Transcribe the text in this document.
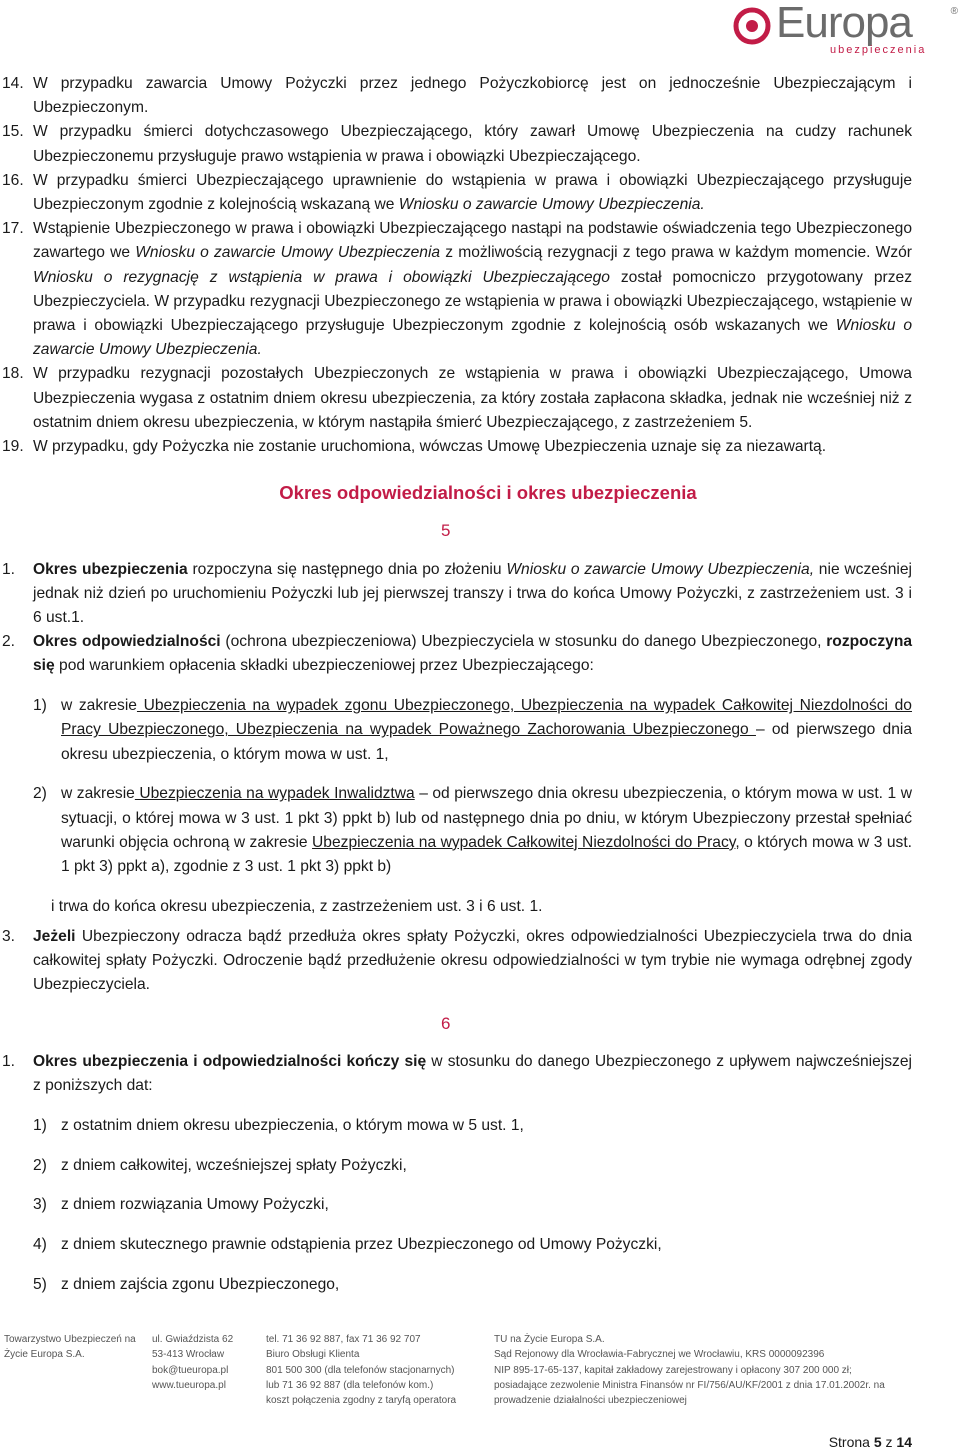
Europa
ubezpieczenia
®

14. W przypadku zawarcia Umowy Pożyczki przez jednego Pożyczkobiorcę jest on jednocześnie Ubezpieczającym i Ubezpieczonym.

15. W przypadku śmierci dotychczasowego Ubezpieczającego, który zawarł Umowę Ubezpieczenia na cudzy rachunek Ubezpieczonemu przysługuje prawo wstąpienia w prawa i obowiązki Ubezpieczającego.

16. W przypadku śmierci Ubezpieczającego uprawnienie do wstąpienia w prawa i obowiązki Ubezpieczającego przysługuje Ubezpieczonym zgodnie z kolejnością wskazaną we Wniosku o zawarcie Umowy Ubezpieczenia.

17. Wstąpienie Ubezpieczonego w prawa i obowiązki Ubezpieczającego nastąpi na podstawie oświadczenia tego Ubezpieczonego zawartego we Wniosku o zawarcie Umowy Ubezpieczenia z możliwością rezygnacji z tego prawa w każdym momencie. Wzór Wniosku o rezygnację z wstąpienia w prawa i obowiązki Ubezpieczającego został pomocniczo przygotowany przez Ubezpieczyciela. W przypadku rezygnacji Ubezpieczonego ze wstąpienia w prawa i obowiązki Ubezpieczającego, wstąpienie w prawa i obowiązki Ubezpieczającego przysługuje Ubezpieczonym zgodnie z kolejnością osób wskazanych we Wniosku o zawarcie Umowy Ubezpieczenia.

18. W przypadku rezygnacji pozostałych Ubezpieczonych ze wstąpienia w prawa i obowiązki Ubezpieczającego, Umowa Ubezpieczenia wygasa z ostatnim dniem okresu ubezpieczenia, za który została zapłacona składka, jednak nie wcześniej niż z ostatnim dniem okresu ubezpieczenia, w którym nastąpiła śmierć Ubezpieczającego, z zastrzeżeniem 5.

19. W przypadku, gdy Pożyczka nie zostanie uruchomiona, wówczas Umowę Ubezpieczenia uznaje się za niezawartą.

Okres odpowiedzialności i okres ubezpieczenia
5

1. Okres ubezpieczenia rozpoczyna się następnego dnia po złożeniu Wniosku o zawarcie Umowy Ubezpieczenia, nie wcześniej jednak niż dzień po uruchomieniu Pożyczki lub jej pierwszej transzy i trwa do końca Umowy Pożyczki, z zastrzeżeniem ust. 3 i 6 ust.1.

2. Okres odpowiedzialności (ochrona ubezpieczeniowa) Ubezpieczyciela w stosunku do danego Ubezpieczonego, rozpoczyna się pod warunkiem opłacenia składki ubezpieczeniowej przez Ubezpieczającego:

1) w zakresie Ubezpieczenia na wypadek zgonu Ubezpieczonego, Ubezpieczenia na wypadek Całkowitej Niezdolności do Pracy Ubezpieczonego, Ubezpieczenia na wypadek Poważnego Zachorowania Ubezpieczonego – od pierwszego dnia okresu ubezpieczenia, o którym mowa w ust. 1,

2) w zakresie Ubezpieczenia na wypadek Inwalidztwa – od pierwszego dnia okresu ubezpieczenia, o którym mowa w ust. 1 w sytuacji, o której mowa w 3 ust. 1 pkt 3) ppkt b) lub od następnego dnia po dniu, w którym Ubezpieczony przestał spełniać warunki objęcia ochroną w zakresie Ubezpieczenia na wypadek Całkowitej Niezdolności do Pracy, o których mowa w 3 ust. 1 pkt 3) ppkt a), zgodnie z 3 ust. 1 pkt 3) ppkt b)

i trwa do końca okresu ubezpieczenia, z zastrzeżeniem ust. 3 i 6 ust. 1.

3. Jeżeli Ubezpieczony odracza bądź przedłuża okres spłaty Pożyczki, okres odpowiedzialności Ubezpieczyciela trwa do dnia całkowitej spłaty Pożyczki. Odroczenie bądź przedłużenie okresu odpowiedzialności w tym trybie nie wymaga odrębnej zgody Ubezpieczyciela.

6

1. Okres ubezpieczenia i odpowiedzialności kończy się w stosunku do danego Ubezpieczonego z upływem najwcześniejszej z poniższych dat:

1) z ostatnim dniem okresu ubezpieczenia, o którym mowa w 5 ust. 1,

2) z dniem całkowitej, wcześniejszej spłaty Pożyczki,

3) z dniem rozwiązania Umowy Pożyczki,

4) z dniem skutecznego prawnie odstąpienia przez Ubezpieczonego od Umowy Pożyczki,

5) z dniem zajścia zgonu Ubezpieczonego,

Towarzystwo Ubezpieczeń na
Życie Europa S.A.
ul. Gwiaździsta 62
53-413 Wrocław
bok@tueuropa.pl
www.tueuropa.pl
tel. 71 36 92 887, fax 71 36 92 707
Biuro Obsługi Klienta
801 500 300 (dla telefonów stacjonarnych)
lub 71 36 92 887 (dla telefonów kom.)
koszt połączenia zgodny z taryfą operatora
TU na Życie Europa S.A.
Sąd Rejonowy dla Wrocławia-Fabrycznej we Wrocławiu, KRS 0000092396
NIP 895-17-65-137, kapitał zakładowy zarejestrowany i opłacony 307 200 000 zł;
posiadające zezwolenie Ministra Finansów nr FI/756/AU/KF/2001 z dnia 17.01.2002r. na
prowadzenie działalności ubezpieczeniowej
Strona 5 z 14
